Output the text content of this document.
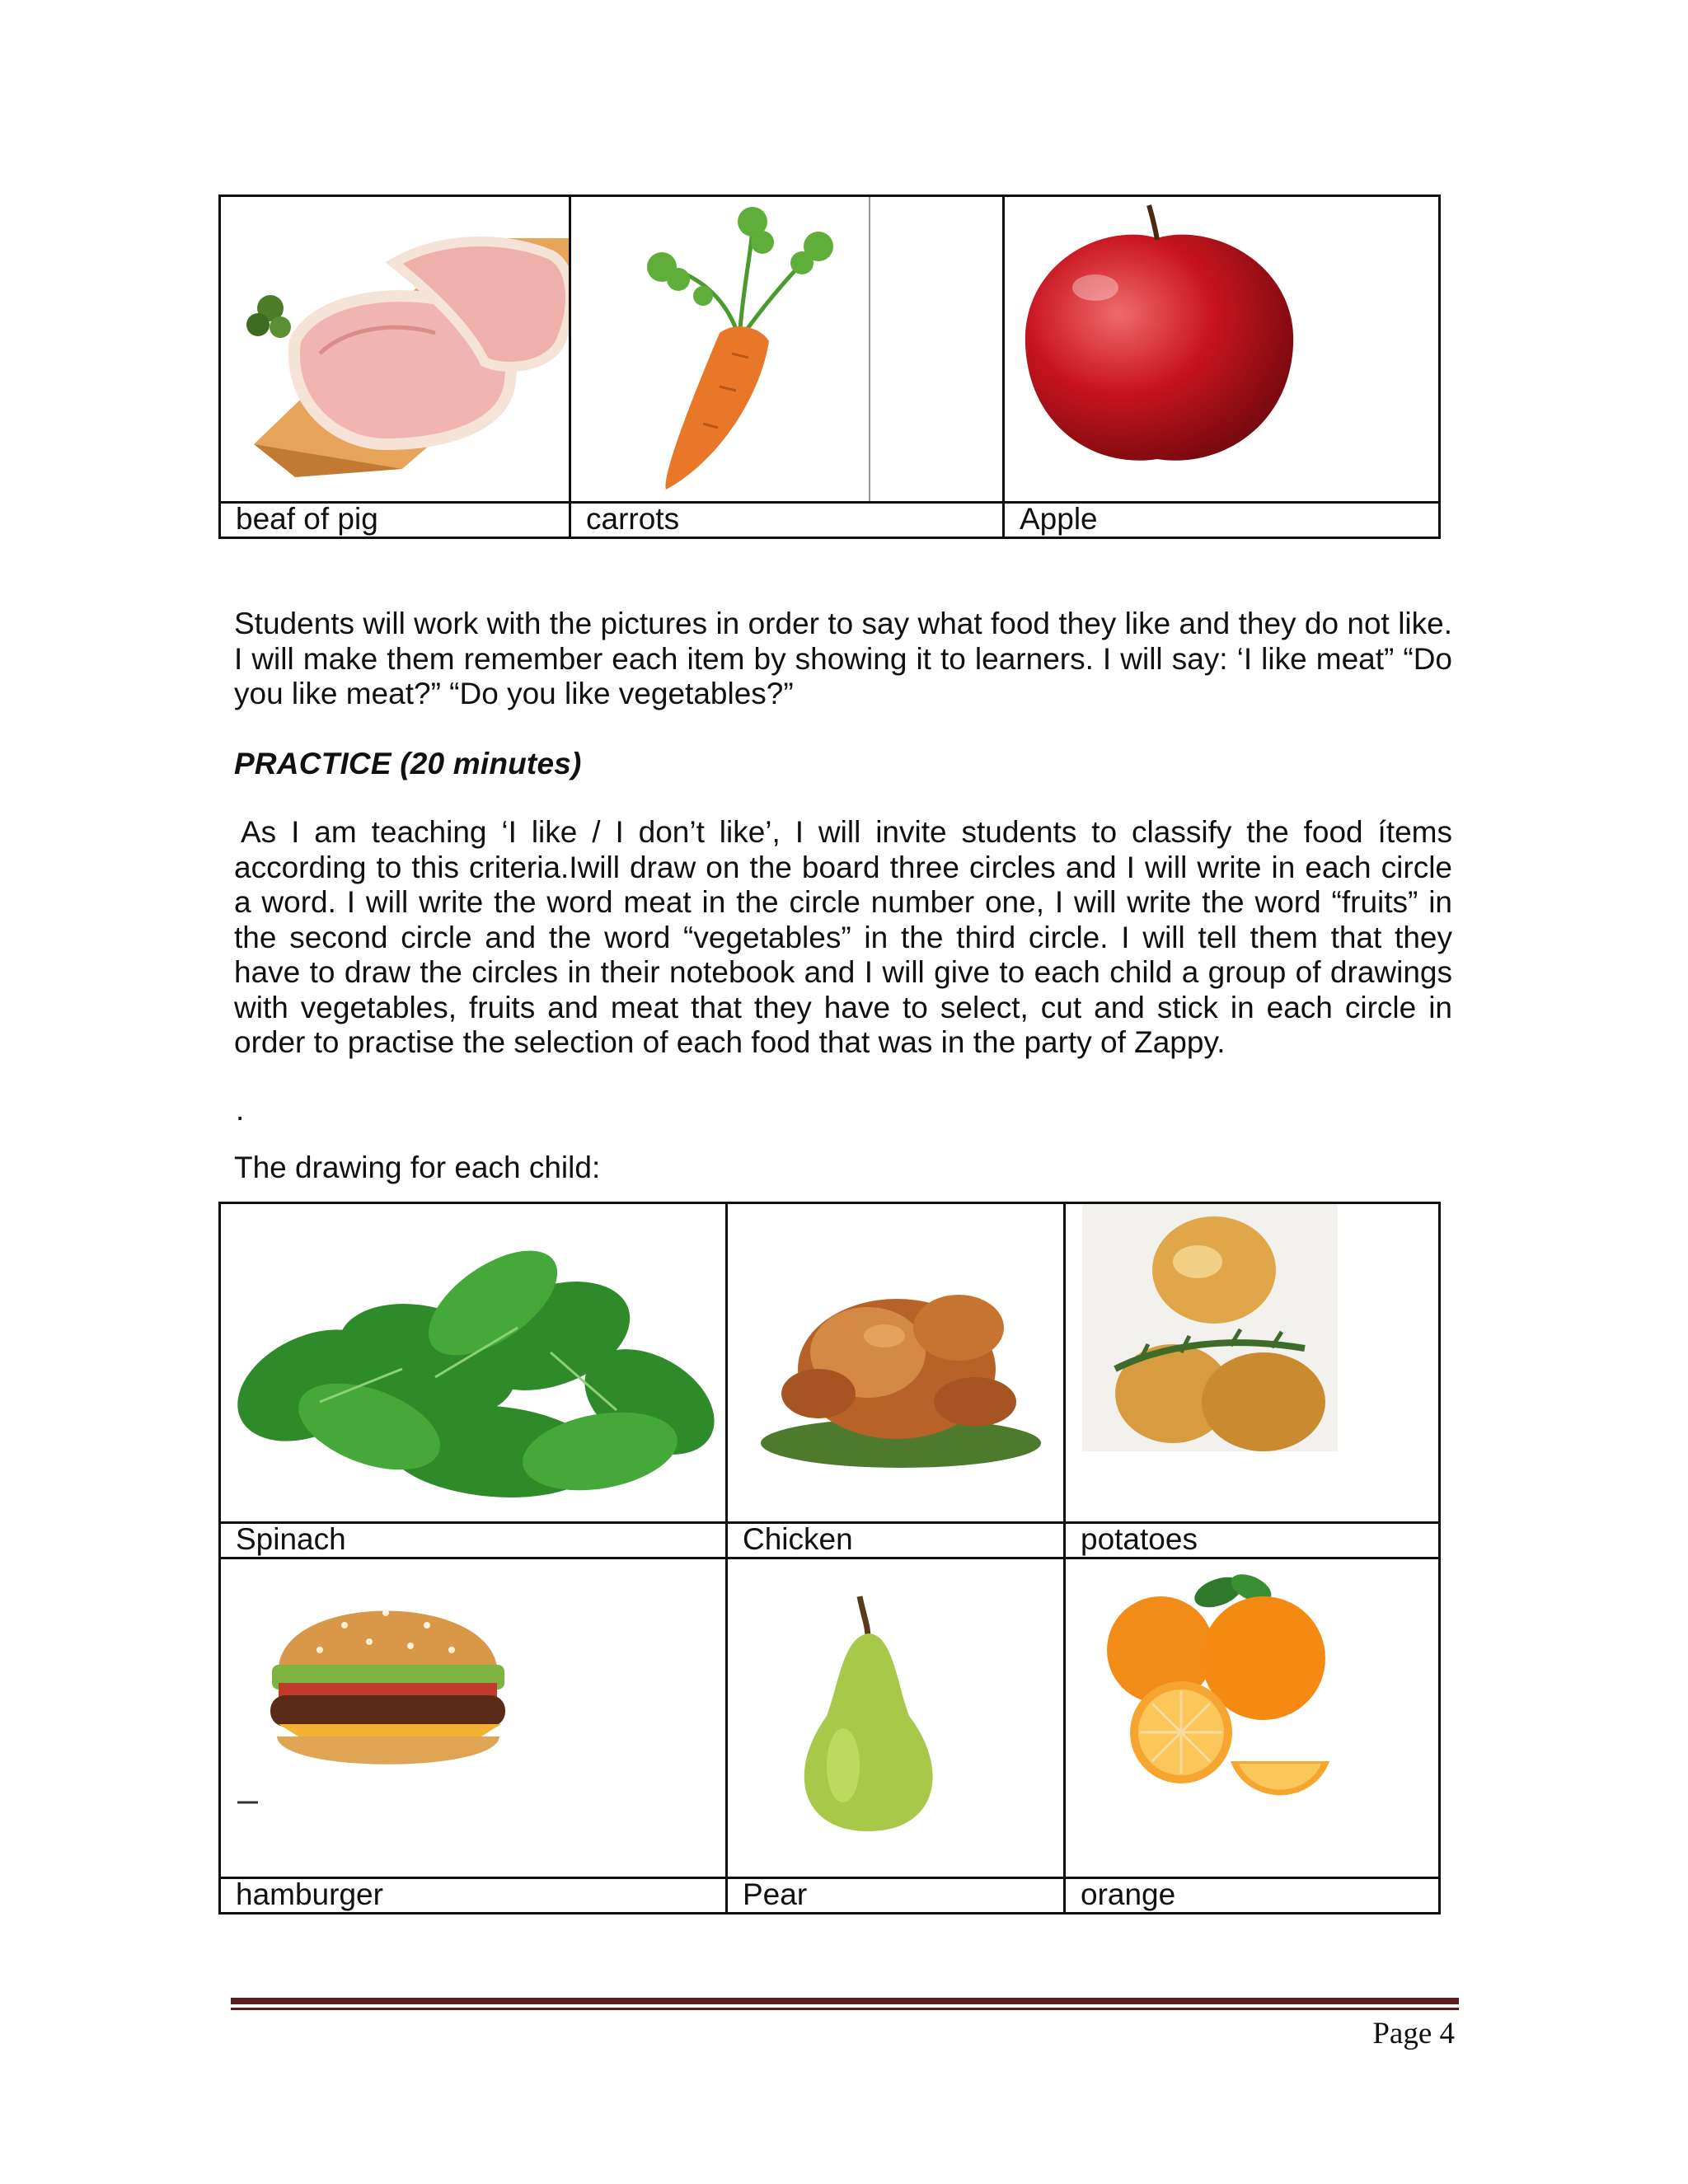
beaf of pig	carrots	Apple

Students will work with the pictures in order to say what food they like and they do not like. I will make them remember each item by showing it to learners. I will say: ‘I like meat” “Do you like meat?” “Do you like vegetables?”

PRACTICE (20 minutes)

As I am teaching ‘I like / I don’t like’, I will invite students to classify the food ítems according to this criteria.Iwill draw on the board three circles and I will write in each circle a word. I will write the word meat in the circle number one, I will write the word “fruits” in the second circle and the word “vegetables” in the third circle. I will tell them that they have to draw the circles in their notebook and I will give to each child a group of drawings with vegetables, fruits and meat that they have to select, cut and stick in each circle in order to practise the selection of each food that was in the party of Zappy.

.

The drawing for each child:

Spinach	Chicken	potatoes

hamburger	Pear	orange

Page 4
